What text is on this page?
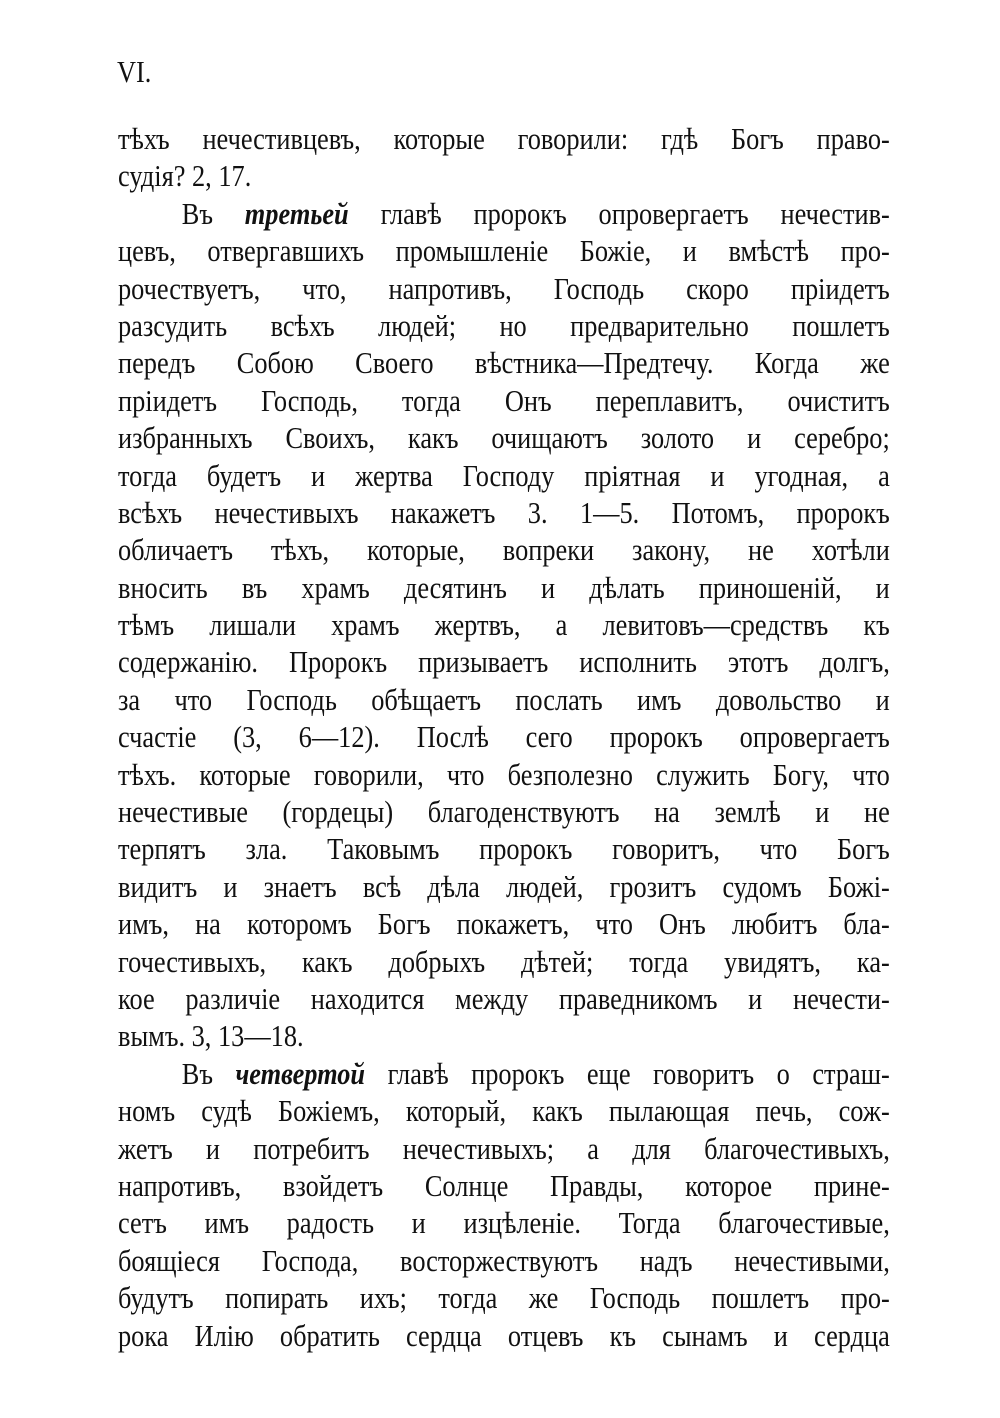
VI.
тѣхъ нечестивцевъ, которые говорили: гдѣ Богъ право-
судія? 2, 17.
Въ третьей главѣ пророкъ опровергаетъ нечестив-
цевъ, отвергавшихъ промышленіе Божіе, и вмѣстѣ про-
рочествуетъ, что, напротивъ, Господь скоро пріидетъ
разсудить всѣхъ людей; но предварительно пошлетъ
передъ Собою Своего вѣстника—Предтечу. Когда же
пріидетъ Господь, тогда Онъ переплавитъ, очиститъ
избранныхъ Своихъ, какъ очищаютъ золото и серебро;
тогда будетъ и жертва Господу пріятная и угодная, а
всѣхъ нечестивыхъ накажетъ 3. 1—5. Потомъ, пророкъ
обличаетъ тѣхъ, которые, вопреки закону, не хотѣли
вносить въ храмъ десятинъ и дѣлать приношеній, и
тѣмъ лишали храмъ жертвъ, а левитовъ—средствъ къ
содержанію. Пророкъ призываетъ исполнить этотъ долгъ,
за что Господь обѣщаетъ послать имъ довольство и
счастіе (3, 6—12). Послѣ сего пророкъ опровергаетъ
тѣхъ. которые говорили, что безполезно служить Богу, что
нечестивые (гордецы) благоденствуютъ на землѣ и не
терпятъ зла. Таковымъ пророкъ говоритъ, что Богъ
видитъ и знаетъ всѣ дѣла людей, грозитъ судомъ Божі-
имъ, на которомъ Богъ покажетъ, что Онъ любитъ бла-
гочестивыхъ, какъ добрыхъ дѣтей; тогда увидятъ, ка-
кое различіе находится между праведникомъ и нечести-
вымъ. 3, 13—18.
Въ четвертой главѣ пророкъ еще говоритъ о страш-
номъ судѣ Божіемъ, который, какъ пылающая печь, сож-
жетъ и потребитъ нечестивыхъ; а для благочестивыхъ,
напротивъ, взойдетъ Солнце Правды, которое прине-
сетъ имъ радость и изцѣленіе. Тогда благочестивые,
боящіеся Господа, восторжествуютъ надъ нечестивыми,
будутъ попирать ихъ; тогда же Господь пошлетъ про-
рока Илію обратить сердца отцевъ къ сынамъ и сердца
